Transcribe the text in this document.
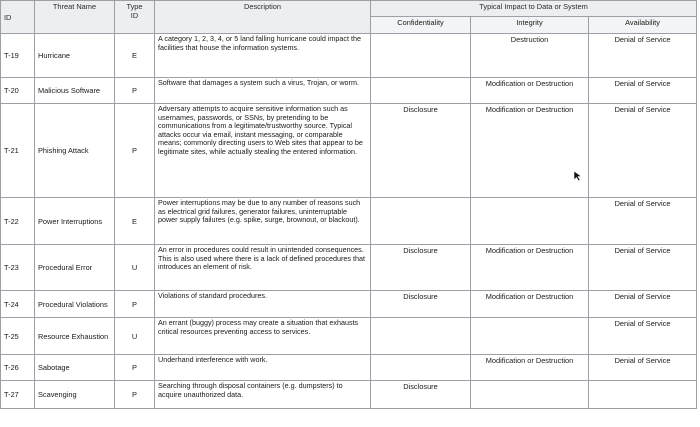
ID	Threat Name	Type ID	Description	Typical Impact to Data or System		
				Confidentiality	Integrity	Availability
T-19	Hurricane	E	A category 1, 2, 3, 4, or 5 land falling hurricane could impact the facilities that house the information systems.		Destruction	Denial of Service
T-20	Malicious Software	P	Software that damages a system such a virus, Trojan, or worm.		Modification or Destruction	Denial of Service
T-21	Phishing Attack	P	Adversary attempts to acquire sensitive information such as usernames, passwords, or SSNs, by pretending to be communications from a legitimate/trustworthy source. Typical attacks occur via email, instant messaging, or comparable means; commonly directing users to Web sites that appear to be legitimate sites, while actually stealing the entered information.	Disclosure	Modification or Destruction	Denial of Service
T-22	Power Interruptions	E	Power interruptions may be due to any number of reasons such as electrical grid failures, generator failures, uninterruptable power supply failures (e.g. spike, surge, brownout, or blackout).			Denial of Service
T-23	Procedural Error	U	An error in procedures could result in unintended consequences. This is also used where there is a lack of defined procedures that introduces an element of risk.	Disclosure	Modification or Destruction	Denial of Service
T-24	Procedural Violations	P	Violations of standard procedures.	Disclosure	Modification or Destruction	Denial of Service
T-25	Resource Exhaustion	U	An errant (buggy) process may create a situation that exhausts critical resources preventing access to services.			Denial of Service
T-26	Sabotage	P	Underhand interference with work.		Modification or Destruction	Denial of Service
T-27	Scavenging	P	Searching through disposal containers (e.g. dumpsters) to acquire unauthorized data.	Disclosure		
